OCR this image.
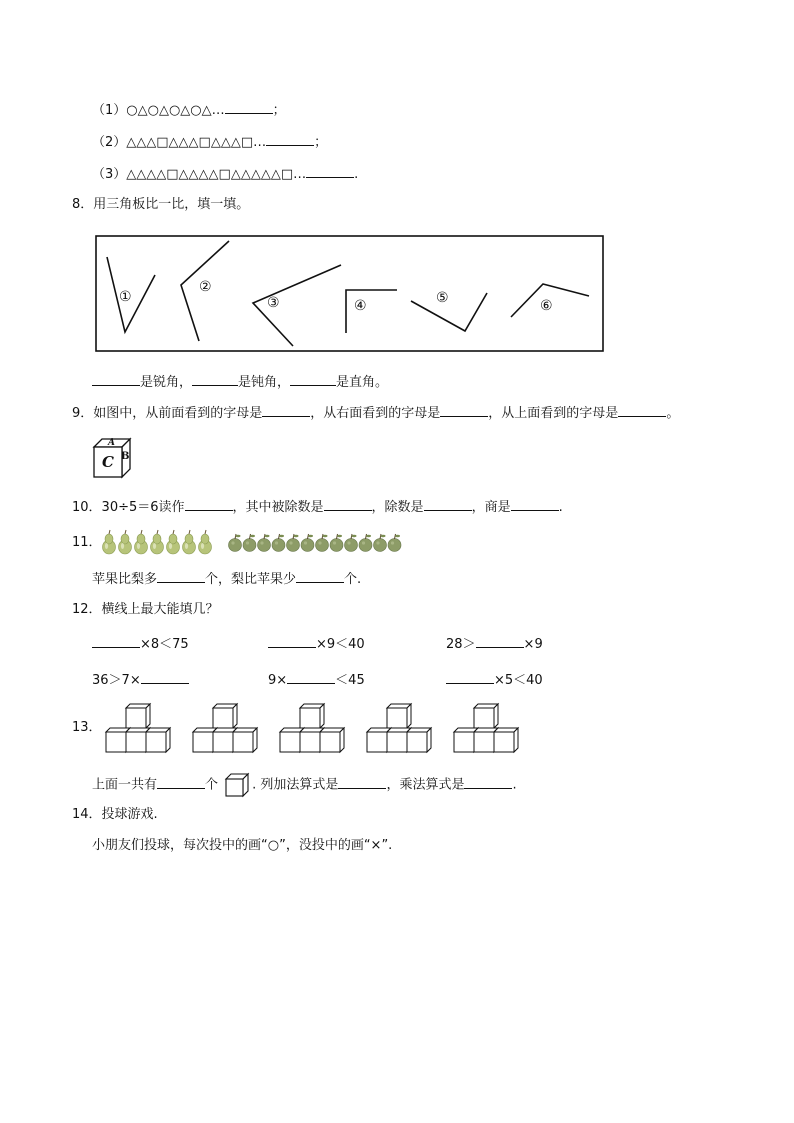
（1）○△○△○△○△…	；
（2）△△△□△△△□△△△□…	；
（3）△△△△□△△△△□△△△△△□…	.
8．用三角板比一比，填一填。
①
②
③	④	⑤	⑥
是锐角，	是钝角，	是直角。
9．如图中，从前面看到的字母是	，从右面看到的字母是	，从上面看到的字母是	。
A
C B
10．30÷5＝6读作	，其中被除数是	，除数是	，商是	.
11．
苹果比梨多	个，梨比苹果少	个.
12．横线上最大能填几？
×8＜75	×9＜40	28＞	×9
36＞7×	9×	＜45	×5＜40
13．
上面一共有	个	. 列加法算式是	，乘法算式是	.
14．投球游戏.
小朋友们投球，每次投中的画“○”，没投中的画“×”.
